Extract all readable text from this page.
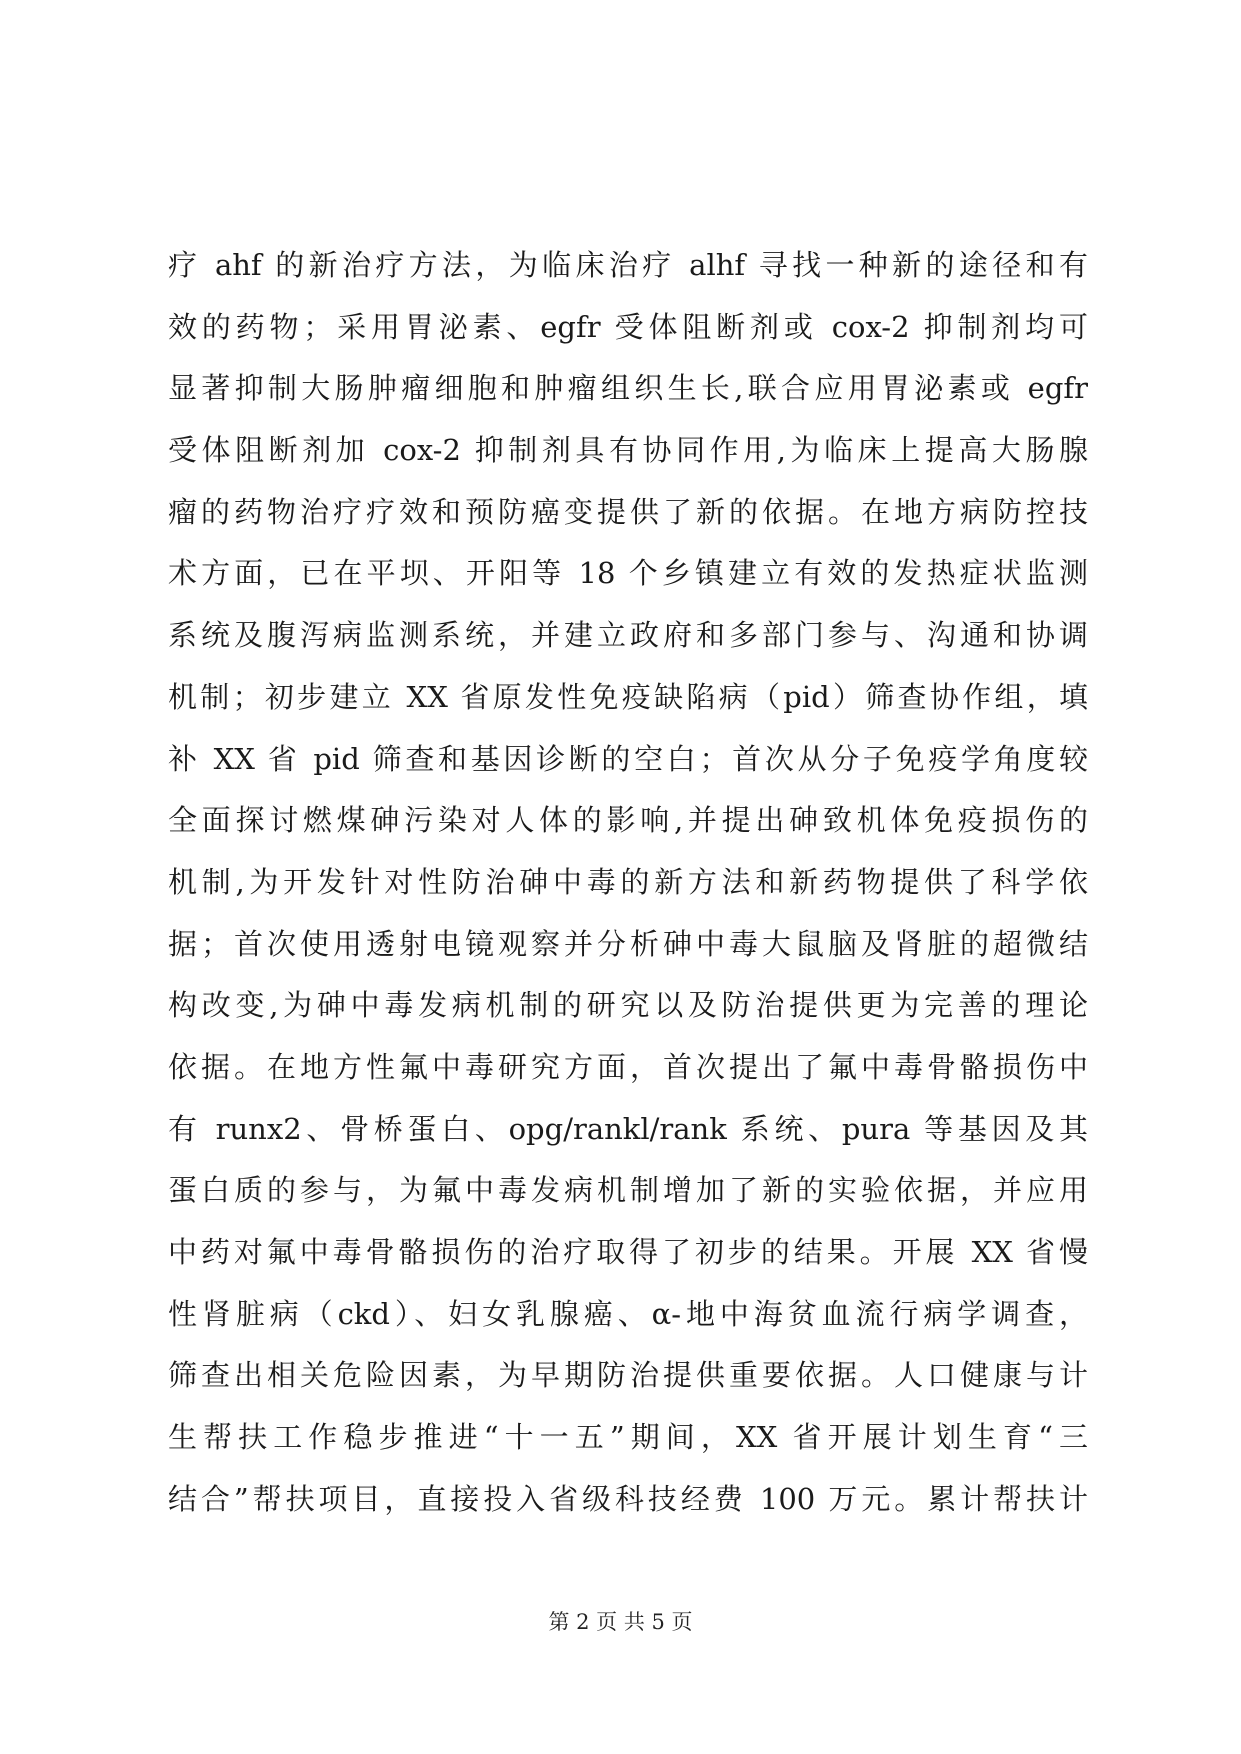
疗 ahf 的新治疗方法，为临床治疗 alhf 寻找一种新的途径和有
效的药物；采用胃泌素、egfr 受体阻断剂或 cox-2 抑制剂均可
显著抑制大肠肿瘤细胞和肿瘤组织生长,联合应用胃泌素或 egfr
受体阻断剂加 cox-2 抑制剂具有协同作用,为临床上提高大肠腺
瘤的药物治疗疗效和预防癌变提供了新的依据。在地方病防控技
术方面，已在平坝、开阳等 18 个乡镇建立有效的发热症状监测
系统及腹泻病监测系统，并建立政府和多部门参与、沟通和协调
机制；初步建立 XX 省原发性免疫缺陷病（pid）筛查协作组，填
补 XX 省 pid 筛查和基因诊断的空白；首次从分子免疫学角度较
全面探讨燃煤砷污染对人体的影响,并提出砷致机体免疫损伤的
机制,为开发针对性防治砷中毒的新方法和新药物提供了科学依
据；首次使用透射电镜观察并分析砷中毒大鼠脑及肾脏的超微结
构改变,为砷中毒发病机制的研究以及防治提供更为完善的理论
依据。在地方性氟中毒研究方面，首次提出了氟中毒骨骼损伤中
有 runx2、骨桥蛋白、opg/rankl/rank 系统、pura 等基因及其
蛋白质的参与，为氟中毒发病机制增加了新的实验依据，并应用
中药对氟中毒骨骼损伤的治疗取得了初步的结果。开展 XX 省慢
性肾脏病（ckd）、妇女乳腺癌、α-地中海贫血流行病学调查，
筛查出相关危险因素，为早期防治提供重要依据。人口健康与计
生帮扶工作稳步推进“十一五”期间，XX 省开展计划生育“三
结合”帮扶项目，直接投入省级科技经费 100 万元。累计帮扶计
第 2 页 共 5 页
